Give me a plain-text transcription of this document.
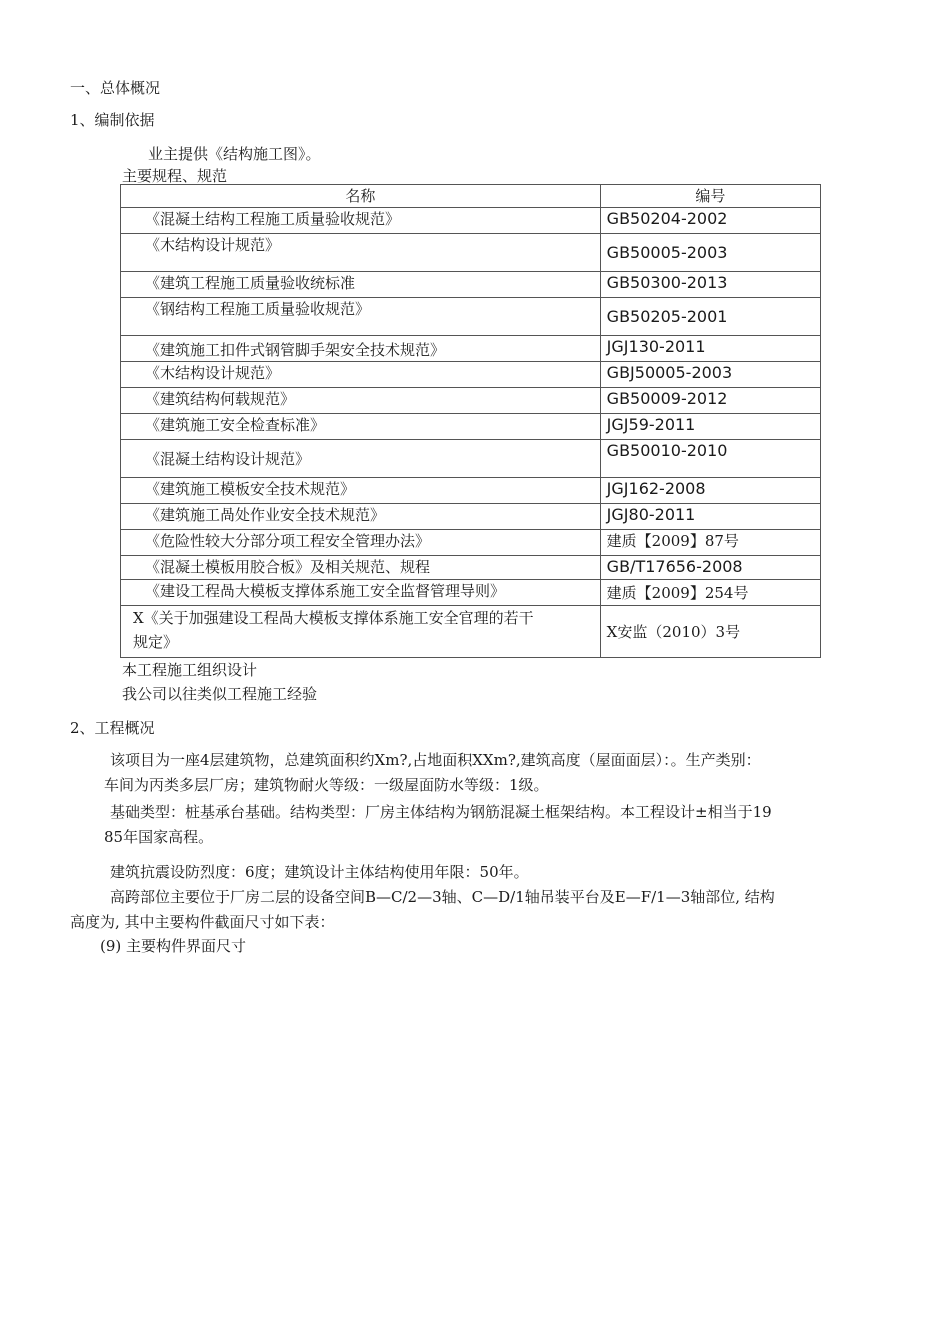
一、总体概况
1、编制依据
业主提供《结构施工图》。
主要规程、规范
名称	编号
《混凝土结构工程施工质量验收规范》	GB50204-2002
《木结构设计规范》	GB50005-2003
《建筑工程施工质量验收统标准	GB50300-2013
《钢结构工程施工质量验收规范》	GB50205-2001
《建筑施工扣件式钢管脚手架安全技术规范》	JGJ130-2011
《木结构设计规范》	GBJ50005-2003
《建筑结构何载规范》	GB50009-2012
《建筑施工安全检查标准》	JGJ59-2011
《混凝土结构设计规范》	GB50010-2010
《建筑施工模板安全技术规范》	JGJ162-2008
《建筑施工咼处作业安全技术规范》	JGJ80-2011
《危险性较大分部分项工程安全管理办法》	建质【2009】87号
《混凝土模板用胶合板》及相关规范、规程	GB/T17656-2008
《建设工程咼大模板支撑体系施工安全监督管理导则》	建质【2009】254号

X《关于加强建设工程咼大模板支撑体系施工安全官理的若干
规定》	X安监（2010）3号
本工程施工组织设计
我公司以往类似工程施工经验
2、工程概况
该项目为一座4层建筑物，总建筑面积约Xm?,占地面积XXm?,建筑高度（屋面面层）：。生产类别：
车间为丙类多层厂房；建筑物耐火等级：一级屋面防水等级：1级。
基础类型：桩基承台基础。结构类型：厂房主体结构为钢筋混凝土框架结构。本工程设计±相当于19
85年国家高程。
建筑抗震设防烈度：6度；建筑设计主体结构使用年限：50年。
高跨部位主要位于厂房二层的设备空间B—C/2—3轴、C—D/1轴吊装平台及E—F/1—3轴部位, 结构
高度为, 其中主要构件截面尺寸如下表：
(9) 主要构件界面尺寸
